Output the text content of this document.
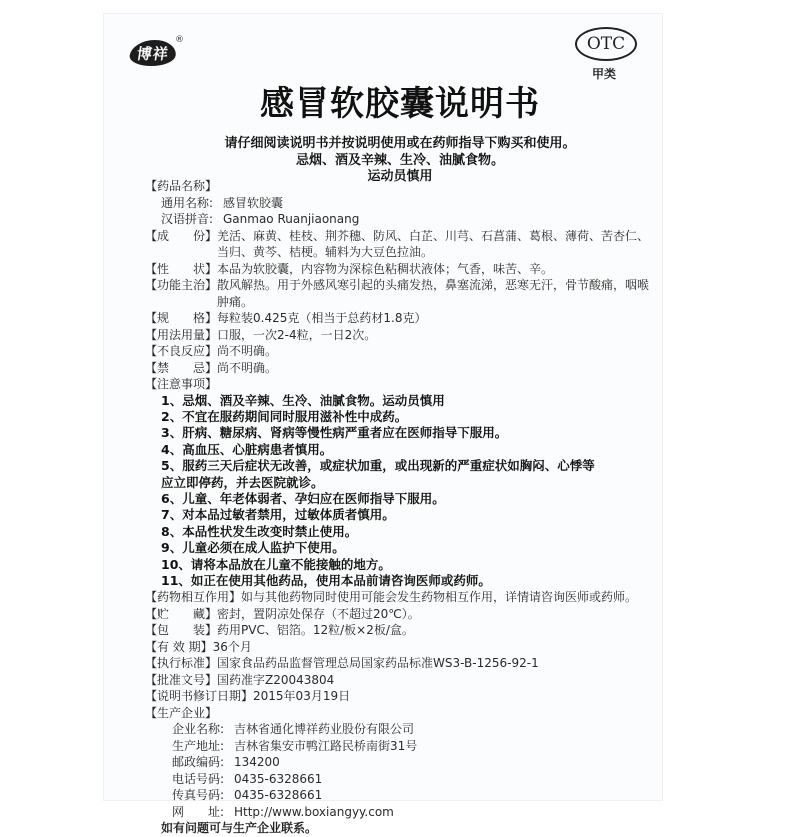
博祥
®	OTC
甲类
感冒软胶囊说明书
请仔细阅读说明书并按说明使用或在药师指导下购买和使用。
忌烟、酒及辛辣、生冷、油腻食物。
运动员慎用
【药品名称】
通用名称: 感冒软胶囊
汉语拼音: Ganmao Ruanjiaonang
【成　　份】 羌活、麻黄、桂枝、荆芥穗、防风、白芷、川芎、石菖蒲、葛根、薄荷、苦杏仁、当归、黄芩、桔梗。辅料为大豆色拉油。
【性　　状】 本品为软胶囊，内容物为深棕色粘稠状液体；气香，味苦、辛。
【功能主治】 散风解热。用于外感风寒引起的头痛发热，鼻塞流涕，恶寒无汗，骨节酸痛，咽喉肿痛。
【规　　格】 每粒装0.425克（相当于总药材1.8克）
【用法用量】 口服，一次2-4粒，一日2次。
【不良反应】 尚不明确。
【禁　　忌】 尚不明确。
【注意事项】
1、忌烟、酒及辛辣、生冷、油腻食物。运动员慎用
2、不宜在服药期间同时服用滋补性中成药。
3、肝病、糖尿病、肾病等慢性病严重者应在医师指导下服用。
4、高血压、心脏病患者慎用。
5、服药三天后症状无改善，或症状加重，或出现新的严重症状如胸闷、心悸等
应立即停药，并去医院就诊。
6、儿童、年老体弱者、孕妇应在医师指导下服用。
7、对本品过敏者禁用，过敏体质者慎用。
8、本品性状发生改变时禁止使用。
9、儿童必须在成人监护下使用。
10、请将本品放在儿童不能接触的地方。
11、如正在使用其他药品，使用本品前请咨询医师或药师。
【药物相互作用】 如与其他药物同时使用可能会发生药物相互作用，详情请咨询医师或药师。
【贮　　藏】 密封，置阴凉处保存（不超过20℃）。
【包　　装】 药用PVC、铝箔。12粒/板×2板/盒。
【有 效 期】 36个月
【执行标准】 国家食品药品监督管理总局国家药品标准WS3-B-1256-92-1
【批准文号】 国药准字Z20043804
【说明书修订日期】 2015年03月19日
【生产企业】
企业名称: 吉林省通化博祥药业股份有限公司
生产地址: 吉林省集安市鸭江路民桥南街31号
邮政编码: 134200
电话号码: 0435-6328661
传真号码: 0435-6328661
网　　址: Http://www.boxiangyy.com
如有问题可与生产企业联系。
